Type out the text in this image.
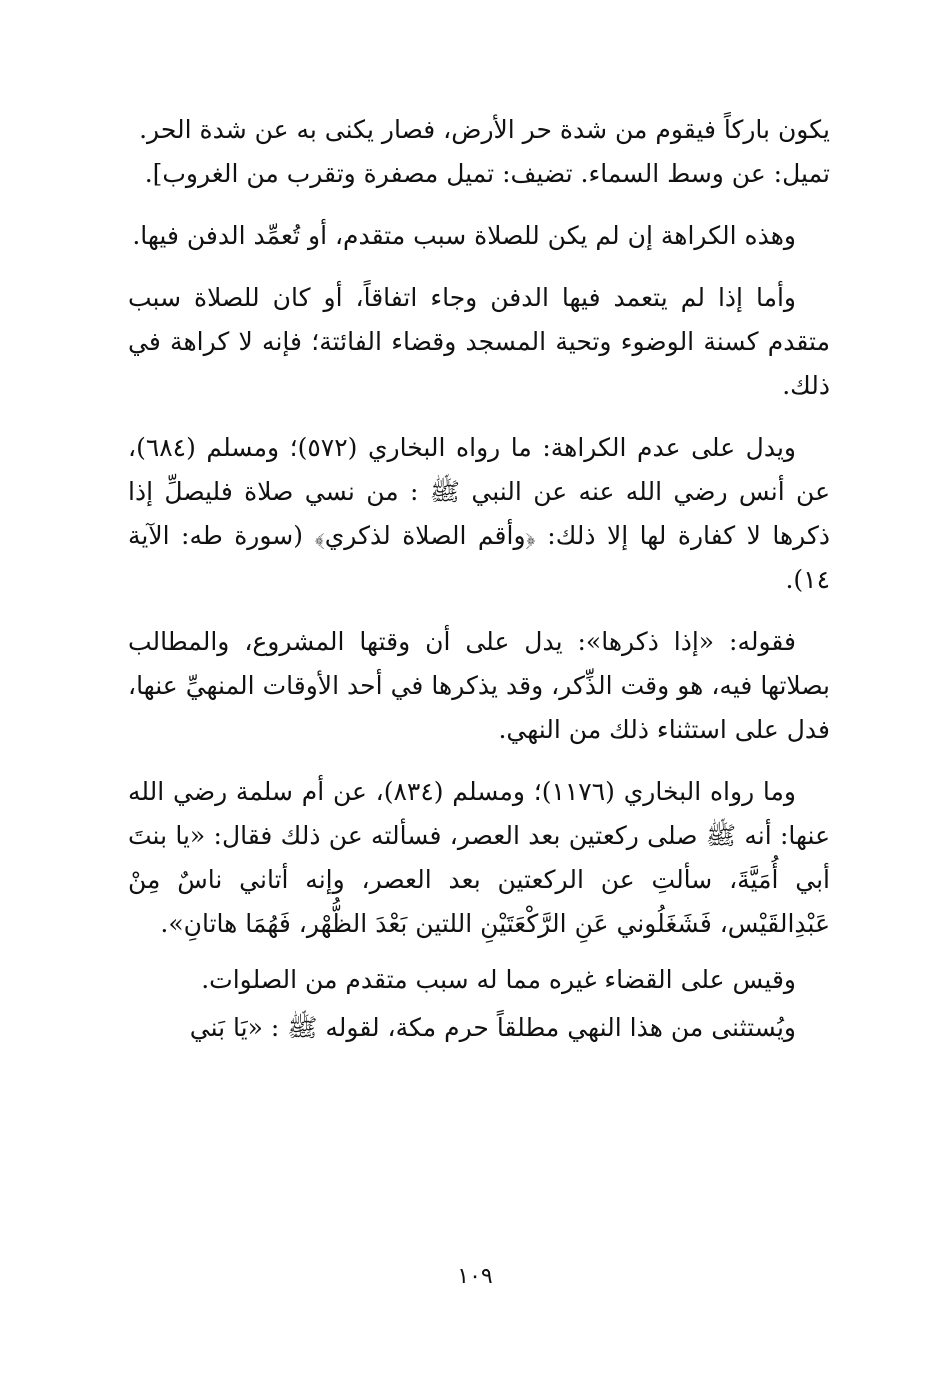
يكون باركاً فيقوم من شدة حر الأرض، فصار يكنى به عن شدة الحر.
تميل: عن وسط السماء. تضيف: تميل مصفرة وتقرب من الغروب].

وهذه الكراهة إن لم يكن للصلاة سبب متقدم، أو تُعمِّد الدفن فيها.

وأما إذا لم يتعمد فيها الدفن وجاء اتفاقاً، أو كان للصلاة سبب متقدم كسنة الوضوء وتحية المسجد وقضاء الفائتة؛ فإنه لا كراهة في ذلك.

ويدل على عدم الكراهة: ما رواه البخاري (٥٧٢)؛ ومسلم (٦٨٤)، عن أنس رضي الله عنه عن النبي ﷺ : من نسي صلاة فليصلِّ إذا ذكرها لا كفارة لها إلا ذلك: ﴿وأقم الصلاة لذكري﴾ (سورة طه: الآية ١٤).

فقوله: «إذا ذكرها»: يدل على أن وقتها المشروع، والمطالب بصلاتها فيه، هو وقت الذِّكر، وقد يذكرها في أحد الأوقات المنهيِّ عنها، فدل على استثناء ذلك من النهي.

وما رواه البخاري (١١٧٦)؛ ومسلم (٨٣٤)، عن أم سلمة رضي الله عنها: أنه ﷺ صلى ركعتين بعد العصر، فسألته عن ذلك فقال: «يا بنتَ أبي أُمَيَّةَ، سألتِ عن الركعتين بعد العصر، وإنه أتاني ناسٌ مِنْ عَبْدِالقَيْس، فَشَغَلُوني عَنِ الرَّكْعَتَيْنِ اللتين بَعْدَ الظُّهْر، فَهُمَا هاتانِ».

وقيس على القضاء غيره مما له سبب متقدم من الصلوات.

ويُستثنى من هذا النهي مطلقاً حرم مكة، لقوله ﷺ : «يَا بَني

١٠٩
